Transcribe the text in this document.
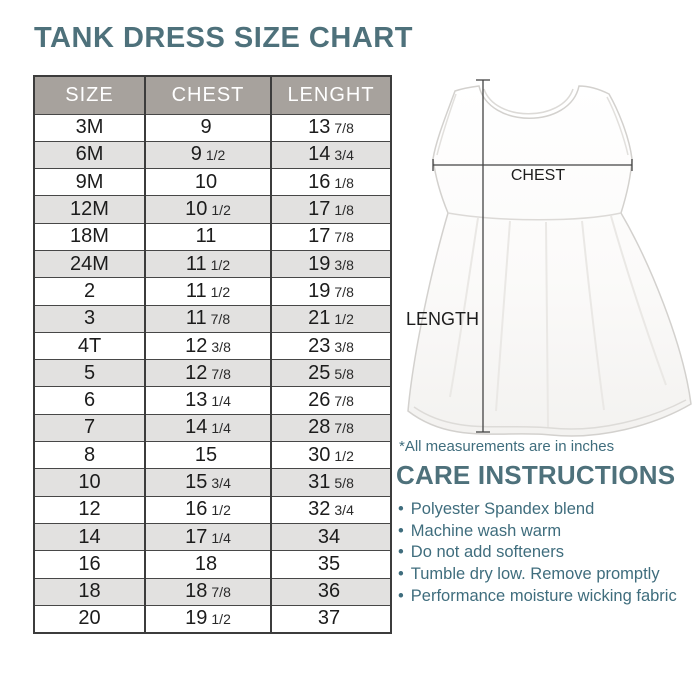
TANK DRESS SIZE CHART
SIZE	CHEST	LENGHT
3M	9	13 7/8
6M	9 1/2	14 3/4
9M	10	16 1/8
12M	10 1/2	17 1/8
18M	11	17 7/8
24M	11 1/2	19 3/8
2	11 1/2	19 7/8
3	11 7/8	21 1/2
4T	12 3/8	23 3/8
5	12 7/8	25 5/8
6	13 1/4	26 7/8
7	14 1/4	28 7/8
8	15	30 1/2
10	15 3/4	31 5/8
12	16 1/2	32 3/4
14	17 1/4	34
16	18	35
18	18 7/8	36
20	19 1/2	37
CHEST
LENGTH

*All measurements are in inches

CARE INSTRUCTIONS
• Polyester Spandex blend
• Machine wash warm
• Do not add softeners
• Tumble dry low. Remove promptly
• Performance moisture wicking fabric
